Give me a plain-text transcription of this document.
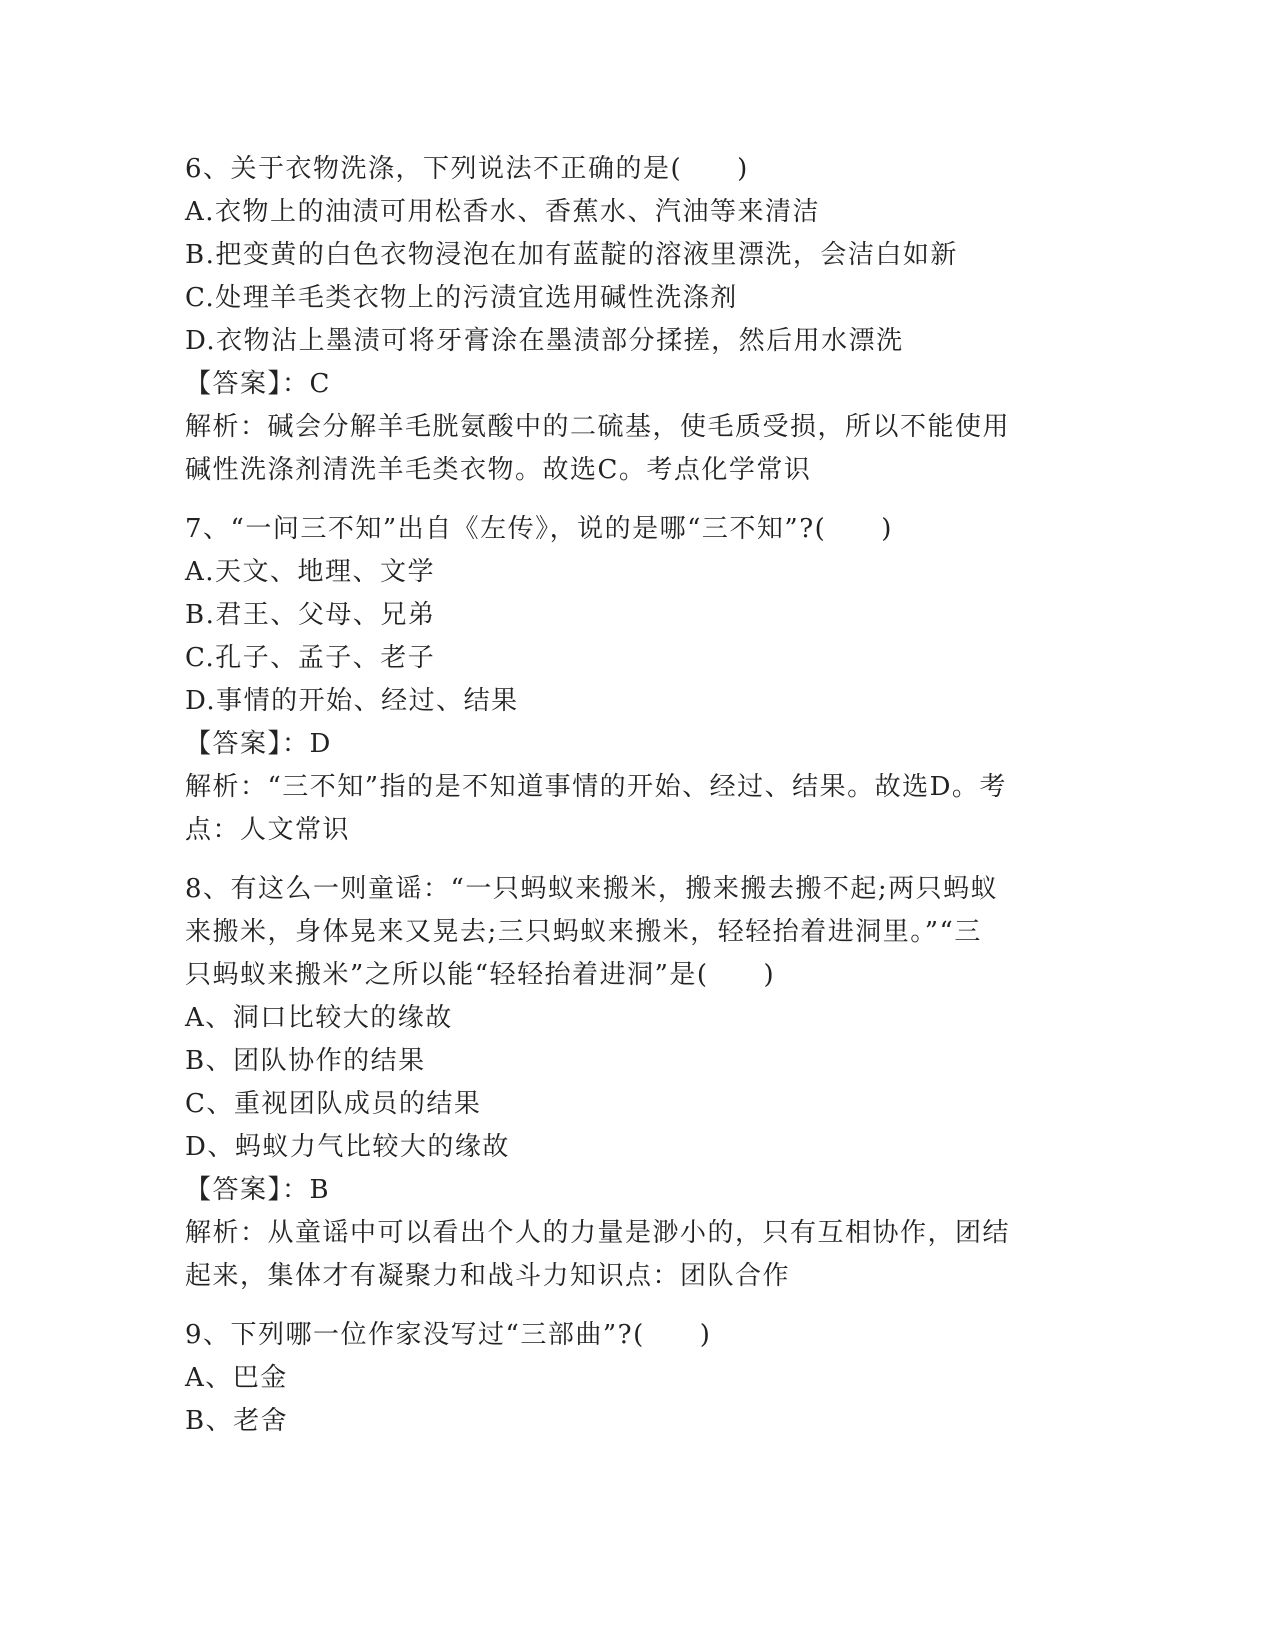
6、关于衣物洗涤，下列说法不正确的是(　　)
A.衣物上的油渍可用松香水、香蕉水、汽油等来清洁
B.把变黄的白色衣物浸泡在加有蓝靛的溶液里漂洗，会洁白如新
C.处理羊毛类衣物上的污渍宜选用碱性洗涤剂
D.衣物沾上墨渍可将牙膏涂在墨渍部分揉搓，然后用水漂洗
【答案】：C
解析：碱会分解羊毛胱氨酸中的二硫基，使毛质受损，所以不能使用
碱性洗涤剂清洗羊毛类衣物。故选C。考点化学常识
7、“一问三不知”出自《左传》，说的是哪“三不知”?(　　)
A.天文、地理、文学
B.君王、父母、兄弟
C.孔子、孟子、老子
D.事情的开始、经过、结果
【答案】：D
解析：“三不知”指的是不知道事情的开始、经过、结果。故选D。考
点：人文常识
8、有这么一则童谣：“一只蚂蚁来搬米，搬来搬去搬不起;两只蚂蚁
来搬米，身体晃来又晃去;三只蚂蚁来搬米，轻轻抬着进洞里。”“三
只蚂蚁来搬米”之所以能“轻轻抬着进洞”是(　　)
A、洞口比较大的缘故
B、团队协作的结果
C、重视团队成员的结果
D、蚂蚁力气比较大的缘故
【答案】：B
解析：从童谣中可以看出个人的力量是渺小的，只有互相协作，团结
起来，集体才有凝聚力和战斗力知识点：团队合作
9、下列哪一位作家没写过“三部曲”?(　　)
A、巴金
B、老舍
